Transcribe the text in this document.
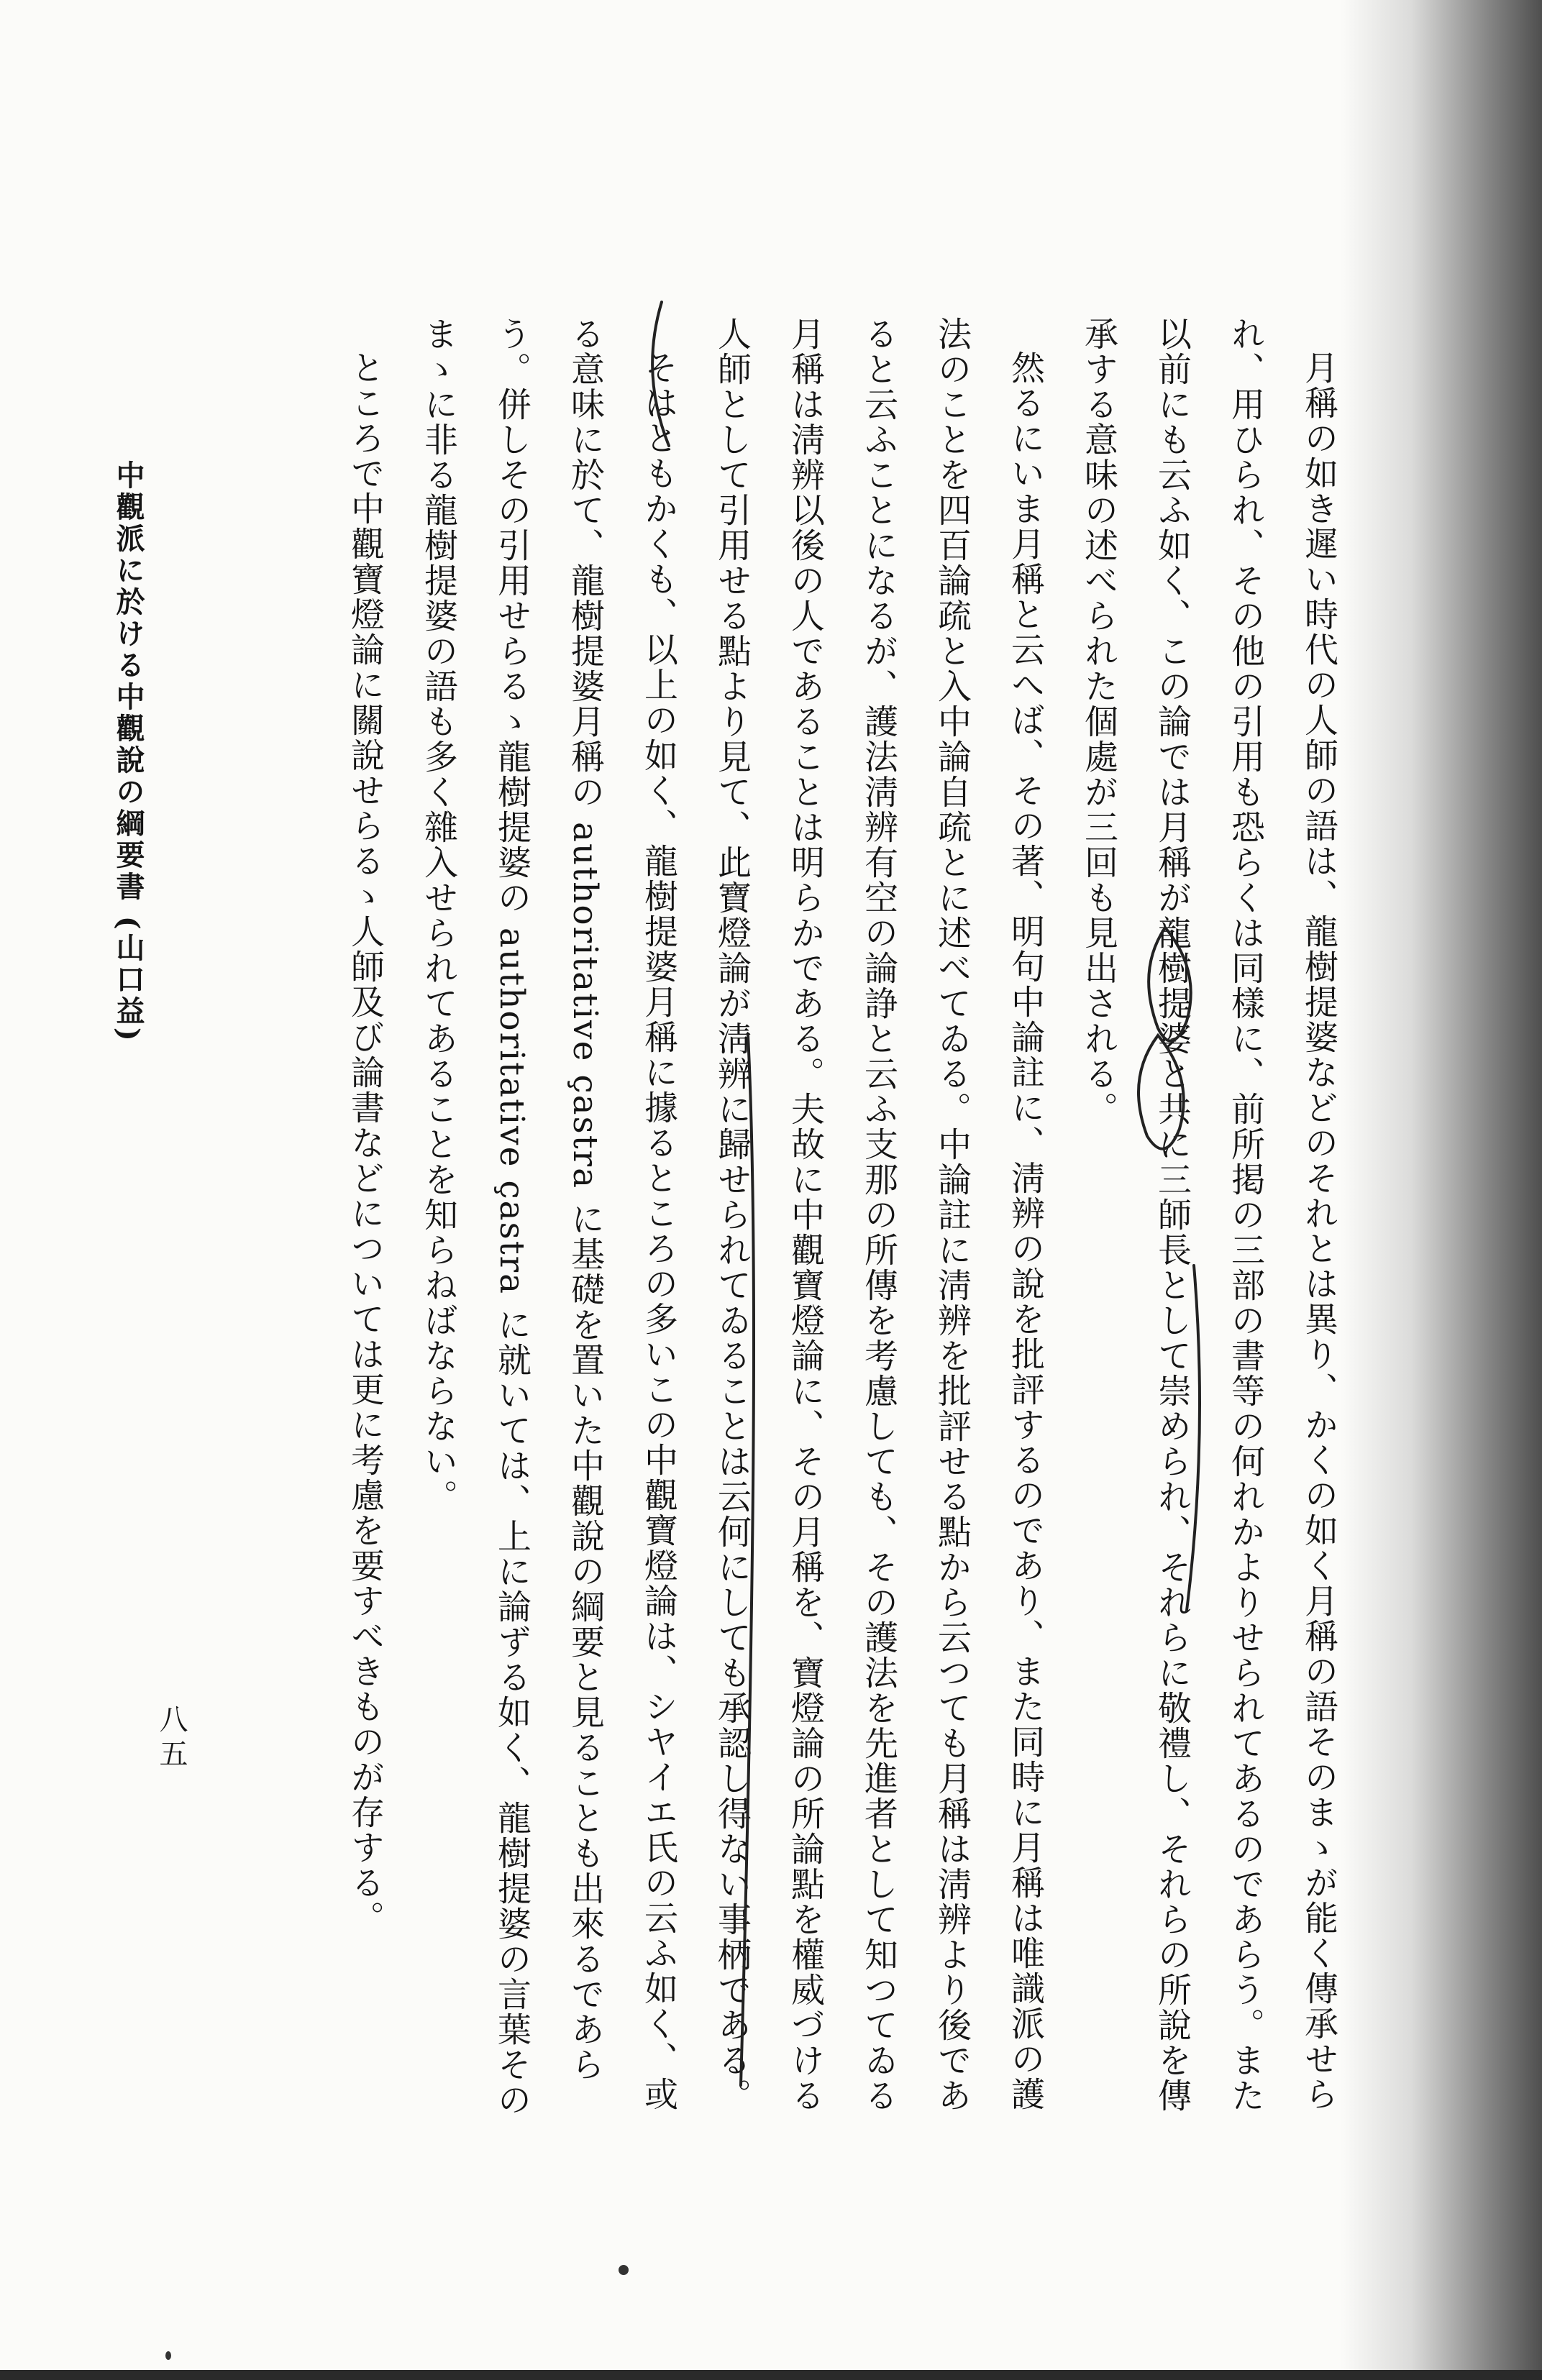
月稱の如き遲い時代の人師の語は、龍樹提婆などのそれとは異り、かくの如く月稱の語そのまゝが能く傳承せられ、用ひられ、その他の引用も恐らくは同樣に、前所掲の三部の書等の何れかよりせられてあるのであらう。また以前にも云ふ如く、この論では月稱が龍樹提婆と共に三師長として崇められ、それらに敬禮し、それらの所說を傳承する意味の述べられた個處が三回も見出される。

然るにいま月稱と云へば、その著、明句中論註に、淸辨の說を批評するのであり、また同時に月稱は唯識派の護法のことを四百論疏と入中論自疏とに述べてゐる。中論註に淸辨を批評せる點から云つても月稱は淸辨より後であると云ふことになるが、護法淸辨有空の論諍と云ふ支那の所傳を考慮しても、その護法を先進者として知つてゐる月稱は淸辨以後の人であることは明らかである。夫故に中觀寶燈論に、その月稱を、寶燈論の所論點を權威づける人師として引用せる點より見て、此寶燈論が淸辨に歸せられてゐることは云何にしても承認し得ない事柄である。

そはともかくも、以上の如く、龍樹提婆月稱に據るところの多いこの中觀寶燈論は、シヤイエ氏の云ふ如く、或る意味に於て、龍樹提婆月稱の authoritative çastra に基礎を置いた中觀說の綱要と見ることも出來るであらう。併しその引用せらるゝ龍樹提婆の authoritative çastra に就いては、上に論ずる如く、龍樹提婆の言葉そのまゝに非る龍樹提婆の語も多く雜入せられてあることを知らねばならない。

ところで中觀寶燈論に關說せらるゝ人師及び論書などについては更に考慮を要すべきものが存する。

中觀派に於ける中觀說の綱要書 (山口益)
八五
